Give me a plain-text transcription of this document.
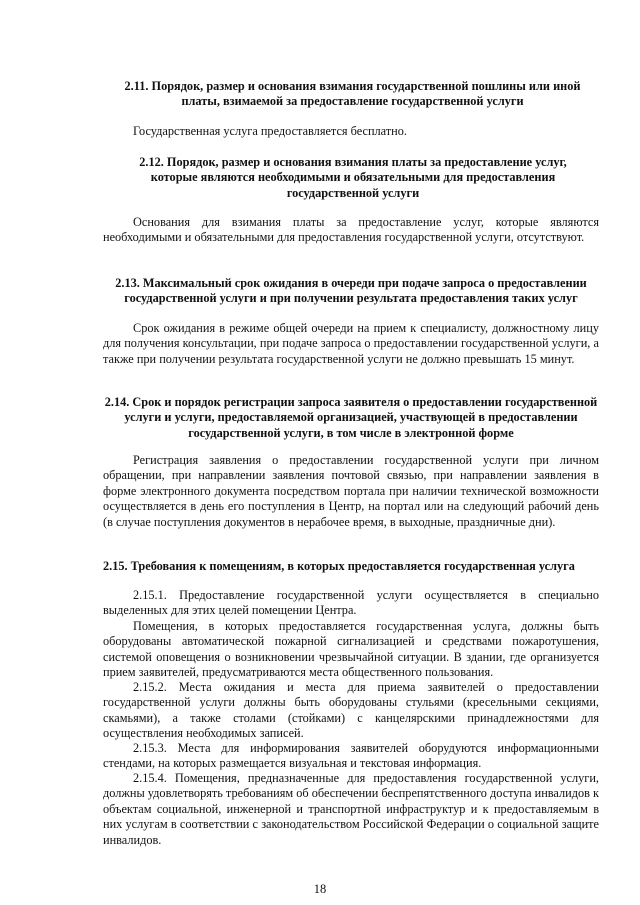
2.11. Порядок, размер и основания взимания государственной пошлины или иной платы, взимаемой за предоставление государственной услуги
Государственная услуга предоставляется бесплатно.
2.12. Порядок, размер и основания взимания платы за предоставление услуг, которые являются необходимыми и обязательными для предоставления государственной услуги
Основания для взимания платы за предоставление услуг, которые являются необходимыми и обязательными для предоставления государственной услуги, отсутствуют.
2.13. Максимальный срок ожидания в очереди при подаче запроса о предоставлении государственной услуги и при получении результата предоставления таких услуг
Срок ожидания в режиме общей очереди на прием к специалисту, должностному лицу для получения консультации, при подаче запроса о предоставлении государственной услуги, а также при получении результата государственной услуги не должно превышать 15 минут.
2.14. Срок и порядок регистрации запроса заявителя о предоставлении государственной услуги и услуги, предоставляемой организацией, участвующей в предоставлении государственной услуги, в том числе в электронной форме
Регистрация заявления о предоставлении государственной услуги при личном обращении, при направлении заявления почтовой связью, при направлении заявления в форме электронного документа посредством портала при наличии технической возможности осуществляется в день его поступления в Центр, на портал или на следующий рабочий день (в случае поступления документов в нерабочее время, в выходные, праздничные дни).
2.15. Требования к помещениям, в которых предоставляется государственная услуга
2.15.1. Предоставление государственной услуги осуществляется в специально выделенных для этих целей помещении Центра.
Помещения, в которых предоставляется государственная услуга, должны быть оборудованы автоматической пожарной сигнализацией и средствами пожаротушения, системой оповещения о возникновении чрезвычайной ситуации. В здании, где организуется прием заявителей, предусматриваются места общественного пользования.
2.15.2. Места ожидания и места для приема заявителей о предоставлении государственной услуги должны быть оборудованы стульями (кресельными секциями, скамьями), а также столами (стойками) с канцелярскими принадлежностями для осуществления необходимых записей.
2.15.3. Места для информирования заявителей оборудуются информационными стендами, на которых размещается визуальная и текстовая информация.
2.15.4. Помещения, предназначенные для предоставления государственной услуги, должны удовлетворять требованиям об обеспечении беспрепятственного доступа инвалидов к объектам социальной, инженерной и транспортной инфраструктур и к предоставляемым в них услугам в соответствии с законодательством Российской Федерации о социальной защите инвалидов.
18
